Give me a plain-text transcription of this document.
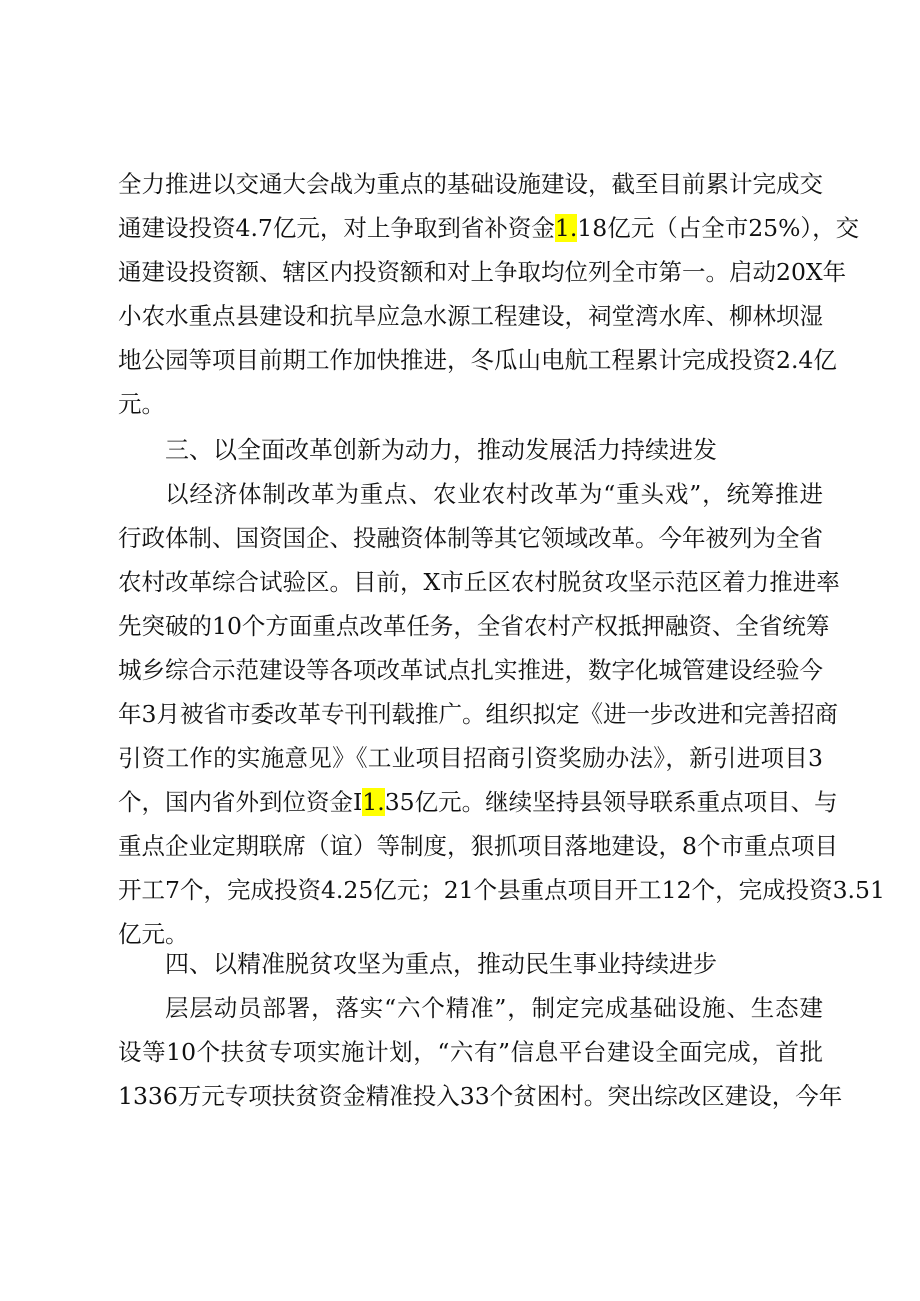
全力推进以交通大会战为重点的基础设施建设，截至目前累计完成交
通建设投资4.7亿元，对上争取到省补资金1.18亿元（占全市25%），交
通建设投资额、辖区内投资额和对上争取均位列全市第一。启动20X年
小农水重点县建设和抗旱应急水源工程建设，祠堂湾水库、柳林坝湿
地公园等项目前期工作加快推进，冬瓜山电航工程累计完成投资2.4亿
元。
三、以全面改革创新为动力，推动发展活力持续进发
以经济体制改革为重点、农业农村改革为“重头戏”，统筹推进
行政体制、国资国企、投融资体制等其它领域改革。今年被列为全省
农村改革综合试验区。目前，X市丘区农村脱贫攻坚示范区着力推进率
先突破的10个方面重点改革任务，全省农村产权抵押融资、全省统筹
城乡综合示范建设等各项改革试点扎实推进，数字化城管建设经验今
年3月被省市委改革专刊刊载推广。组织拟定《进一步改进和完善招商
引资工作的实施意见》《工业项目招商引资奖励办法》，新引进项目3
个，国内省外到位资金I1.35亿元。继续坚持县领导联系重点项目、与
重点企业定期联席（谊）等制度，狠抓项目落地建设，8个市重点项目
开工7个，完成投资4.25亿元；21个县重点项目开工12个，完成投资3.51
亿元。
四、以精准脱贫攻坚为重点，推动民生事业持续进步
层层动员部署，落实“六个精准”，制定完成基础设施、生态建
设等10个扶贫专项实施计划，“六有”信息平台建设全面完成，首批
1336万元专项扶贫资金精准投入33个贫困村。突出综改区建设，今年
